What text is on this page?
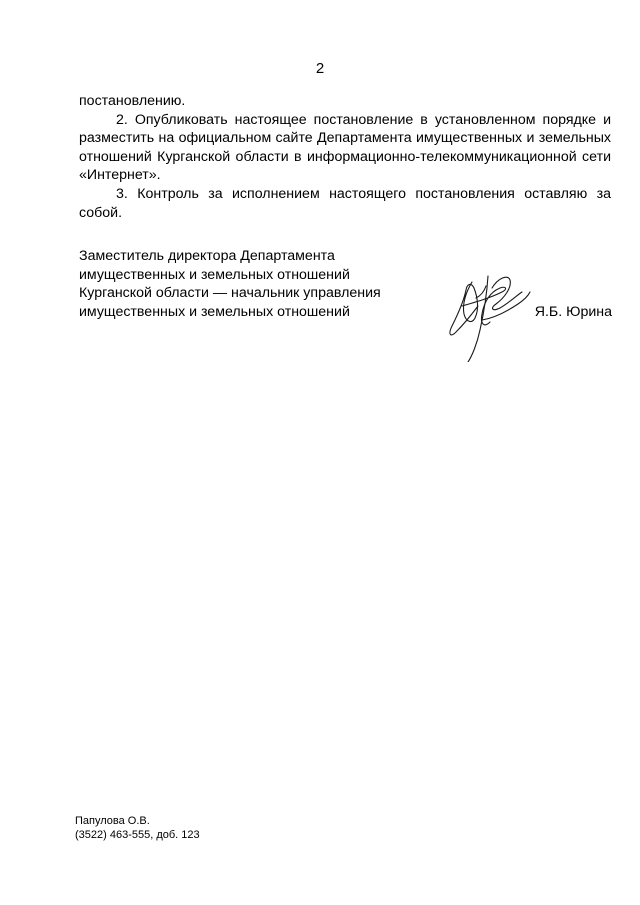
2

постановлению.

2. Опубликовать настоящее постановление в установленном порядке и разместить на официальном сайте Департамента имущественных и земельных отношений Курганской области в информационно-телекоммуникационной сети «Интернет».

3. Контроль за исполнением настоящего постановления оставляю за собой.

Заместитель директора Департамента
имущественных и земельных отношений
Курганской области — начальник управления
имущественных и земельных отношений	Я.Б. Юрина
Папулова О.В.
(3522) 463-555, доб. 123
